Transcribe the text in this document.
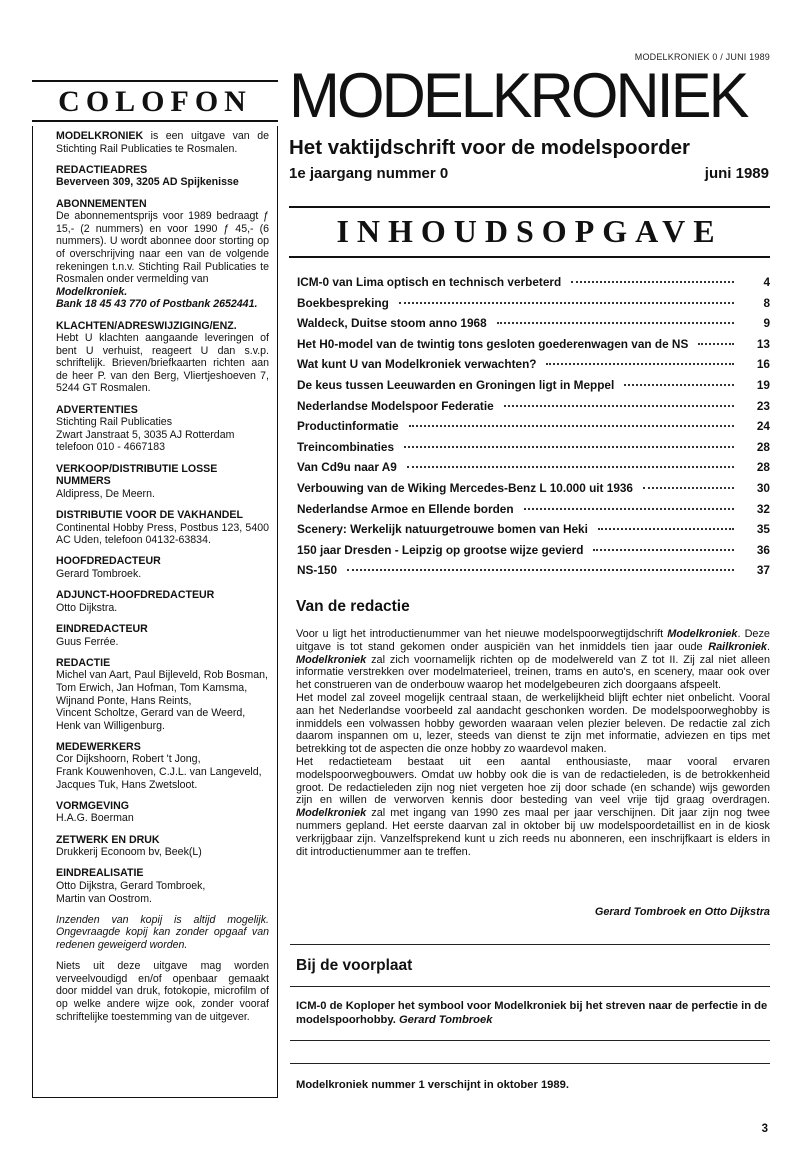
MODELKRONIEK 0 / JUNI 1989
COLOFON
MODELKRONIEK is een uitgave van de Stichting Rail Publicaties te Rosmalen.
REDACTIEADRES
Beverveen 309, 3205 AD Spijkenisse
ABONNEMENTEN
De abonnementsprijs voor 1989 bedraagt ƒ 15,- (2 nummers) en voor 1990 ƒ 45,- (6 nummers). U wordt abonnee door storting op of overschrijving naar een van de volgende rekeningen t.n.v. Stichting Rail Publicaties te Rosmalen onder vermelding van
Modelkroniek.
Bank 18 45 43 770 of Postbank 2652441.
KLACHTEN/ADRESWIJZIGING/ENZ.
Hebt U klachten aangaande leveringen of bent U verhuist, reageert U dan s.v.p. schriftelijk. Brieven/briefkaarten richten aan de heer P. van den Berg, Vliertjeshoeven 7, 5244 GT Rosmalen.
ADVERTENTIES
Stichting Rail Publicaties
Zwart Janstraat 5, 3035 AJ Rotterdam
telefoon 010 - 4667183
VERKOOP/DISTRIBUTIE LOSSE NUMMERS
Aldipress, De Meern.
DISTRIBUTIE VOOR DE VAKHANDEL
Continental Hobby Press, Postbus 123, 5400 AC Uden, telefoon 04132-63834.
HOOFDREDACTEUR
Gerard Tombroek.
ADJUNCT-HOOFDREDACTEUR
Otto Dijkstra.
EINDREDACTEUR
Guus Ferrée.
REDACTIE
Michel van Aart, Paul Bijleveld, Rob Bosman,
Tom Erwich, Jan Hofman, Tom Kamsma,
Wijnand Ponte, Hans Reints,
Vincent Scholtze, Gerard van de Weerd,
Henk van Willigenburg.
MEDEWERKERS
Cor Dijkshoorn, Robert 't Jong,
Frank Kouwenhoven, C.J.L. van Langeveld,
Jacques Tuk, Hans Zwetsloot.
VORMGEVING
H.A.G. Boerman
ZETWERK EN DRUK
Drukkerij Econoom bv, Beek(L)
EINDREALISATIE
Otto Dijkstra, Gerard Tombroek,
Martin van Oostrom.
Inzenden van kopij is altijd mogelijk. Ongevraagde kopij kan zonder opgaaf van redenen geweigerd worden.
Niets uit deze uitgave mag worden verveelvoudigd en/of openbaar gemaakt door middel van druk, fotokopie, microfilm of op welke andere wijze ook, zonder vooraf schriftelijke toestemming van de uitgever.
MODELKRONIEK
Het vaktijdschrift voor de modelspoorder
1e jaargang nummer 0	juni 1989
INHOUDSOPGAVE
ICM-0 van Lima optisch en technisch verbeterd	4
Boekbespreking	8
Waldeck, Duitse stoom anno 1968	9
Het H0-model van de twintig tons gesloten goederenwagen van de NS	13
Wat kunt U van Modelkroniek verwachten?	16
De keus tussen Leeuwarden en Groningen ligt in Meppel	19
Nederlandse Modelspoor Federatie	23
Productinformatie	24
Treincombinaties	28
Van Cd9u naar A9	28
Verbouwing van de Wiking Mercedes-Benz L 10.000 uit 1936	30
Nederlandse Armoe en Ellende borden	32
Scenery: Werkelijk natuurgetrouwe bomen van Heki	35
150 jaar Dresden - Leipzig op grootse wijze gevierd	36
NS-150	37
Van de redactie

Voor u ligt het introductienummer van het nieuwe modelspoorwegtijdschrift Modelkroniek. Deze uitgave is tot stand gekomen onder auspiciën van het inmiddels tien jaar oude Railkroniek. Modelkroniek zal zich voornamelijk richten op de modelwereld van Z tot II. Zij zal niet alleen informatie verstrekken over modelmaterieel, treinen, trams en auto's, en scenery, maar ook over het construeren van de onderbouw waarop het modelgebeuren zich doorgaans afspeelt.

Het model zal zoveel mogelijk centraal staan, de werkelijkheid blijft echter niet onbelicht. Vooral aan het Nederlandse voorbeeld zal aandacht geschonken worden. De modelspoorweghobby is inmiddels een volwassen hobby geworden waaraan velen plezier beleven. De redactie zal zich daarom inspannen om u, lezer, steeds van dienst te zijn met informatie, adviezen en tips met betrekking tot de aspecten die onze hobby zo waardevol maken.

Het redactieteam bestaat uit een aantal enthousiaste, maar vooral ervaren modelspoorwegbouwers. Omdat uw hobby ook die is van de redactieleden, is de betrokkenheid groot. De redactieleden zijn nog niet vergeten hoe zij door schade (en schande) wijs geworden zijn en willen de verworven kennis door besteding van veel vrije tijd graag overdragen. Modelkroniek zal met ingang van 1990 zes maal per jaar verschijnen. Dit jaar zijn nog twee nummers gepland. Het eerste daarvan zal in oktober bij uw modelspoordetaillist en in de kiosk verkrijgbaar zijn. Vanzelfsprekend kunt u zich reeds nu abonneren, een inschrijfkaart is elders in dit introductienummer aan te treffen.

Gerard Tombroek en Otto Dijkstra
Bij de voorplaat
ICM-0 de Koploper het symbool voor Modelkroniek bij het streven naar de perfectie in de modelspoorhobby. Gerard Tombroek
Modelkroniek nummer 1 verschijnt in oktober 1989.
3
